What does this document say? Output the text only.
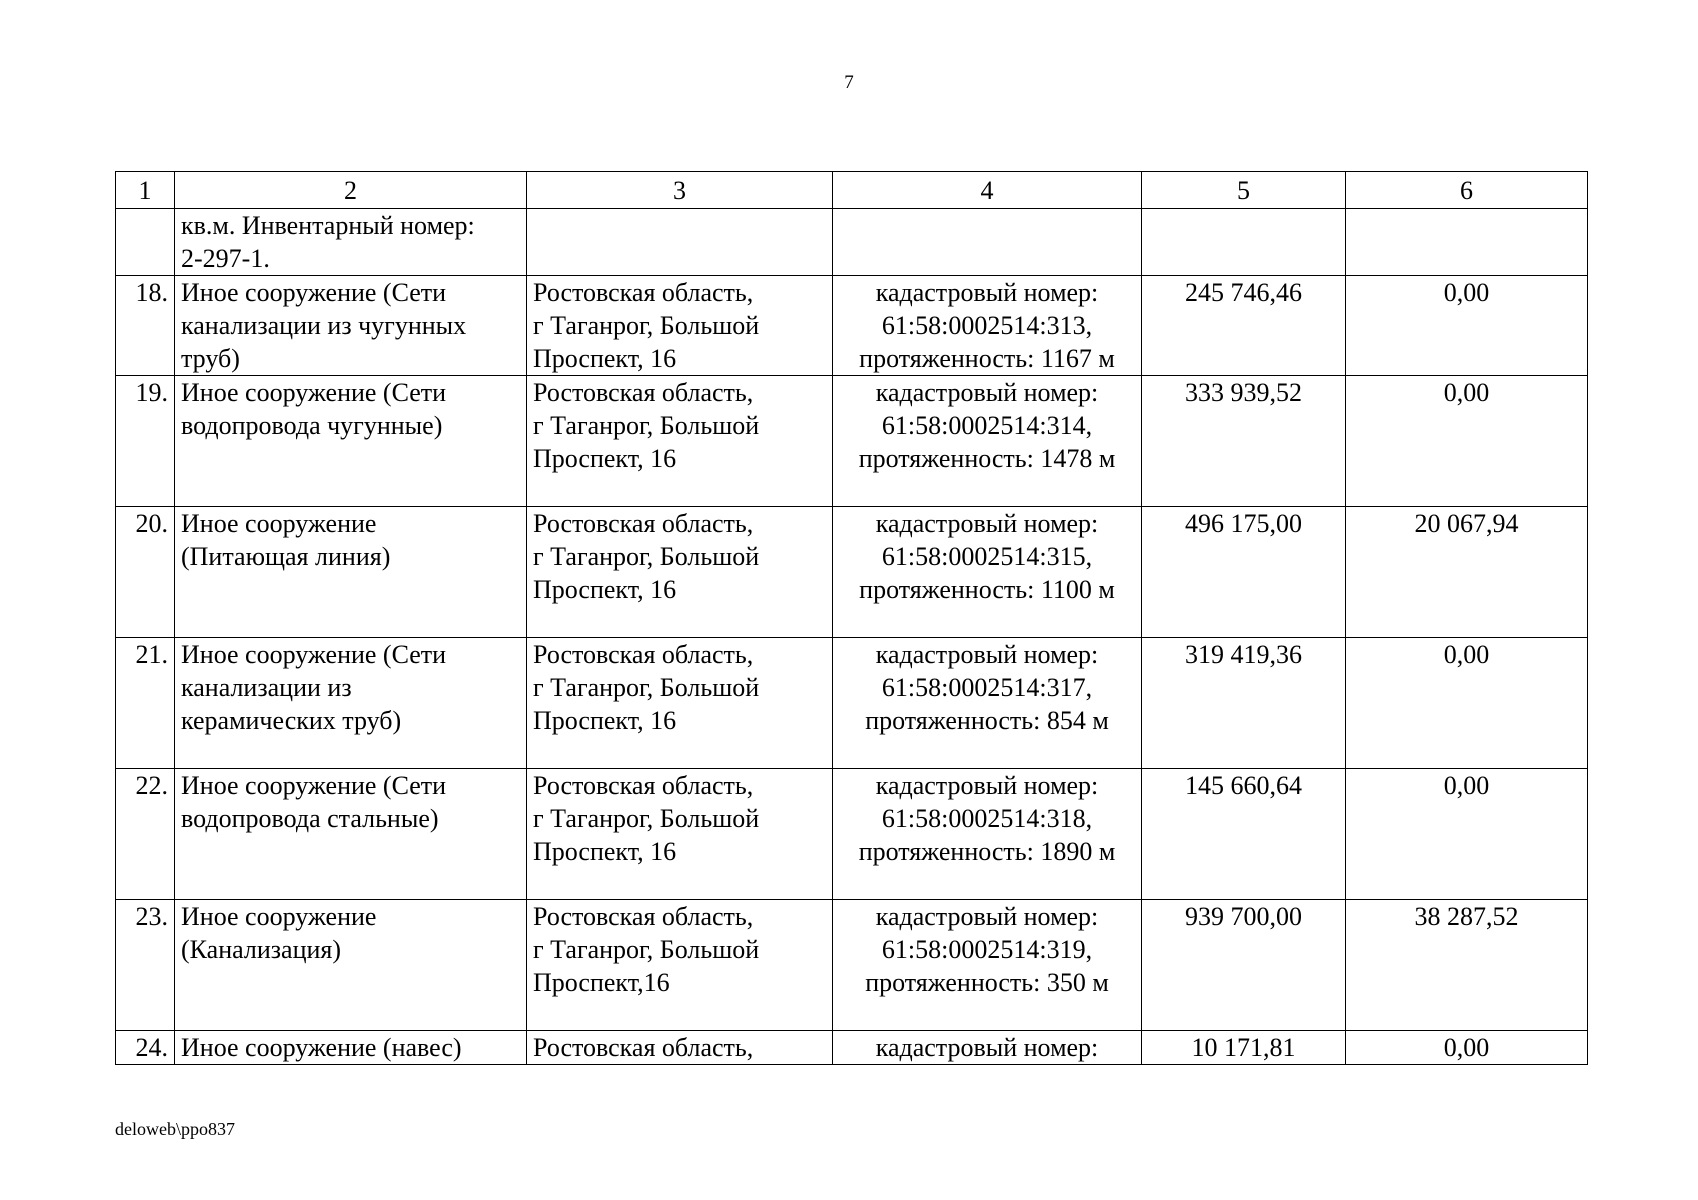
7
1	2	3	4	5	6
	кв.м. Инвентарный номер:
2-297-1.				
18.	Иное сооружение (Сети
канализации из чугунных
труб)	Ростовская область,
г Таганрог, Большой
Проспект, 16	кадастровый номер:
61:58:0002514:313,
протяженность: 1167 м	245 746,46	0,00
19.	Иное сооружение (Сети
водопровода чугунные)	Ростовская область,
г Таганрог, Большой
Проспект, 16	кадастровый номер:
61:58:0002514:314,
протяженность: 1478 м	333 939,52	0,00
20.	Иное сооружение
(Питающая линия)	Ростовская область,
г Таганрог, Большой
Проспект, 16	кадастровый номер:
61:58:0002514:315,
протяженность: 1100 м	496 175,00	20 067,94
21.	Иное сооружение (Сети
канализации из
керамических труб)	Ростовская область,
г Таганрог, Большой
Проспект, 16	кадастровый номер:
61:58:0002514:317,
протяженность: 854 м	319 419,36	0,00
22.	Иное сооружение (Сети
водопровода стальные)	Ростовская область,
г Таганрог, Большой
Проспект, 16	кадастровый номер:
61:58:0002514:318,
протяженность: 1890 м	145 660,64	0,00
23.	Иное сооружение
(Канализация)	Ростовская область,
г Таганрог, Большой
Проспект,16	кадастровый номер:
61:58:0002514:319,
протяженность: 350 м	939 700,00	38 287,52
24.	Иное сооружение (навес)	Ростовская область,	кадастровый номер:	10 171,81	0,00
deloweb\ppo837
